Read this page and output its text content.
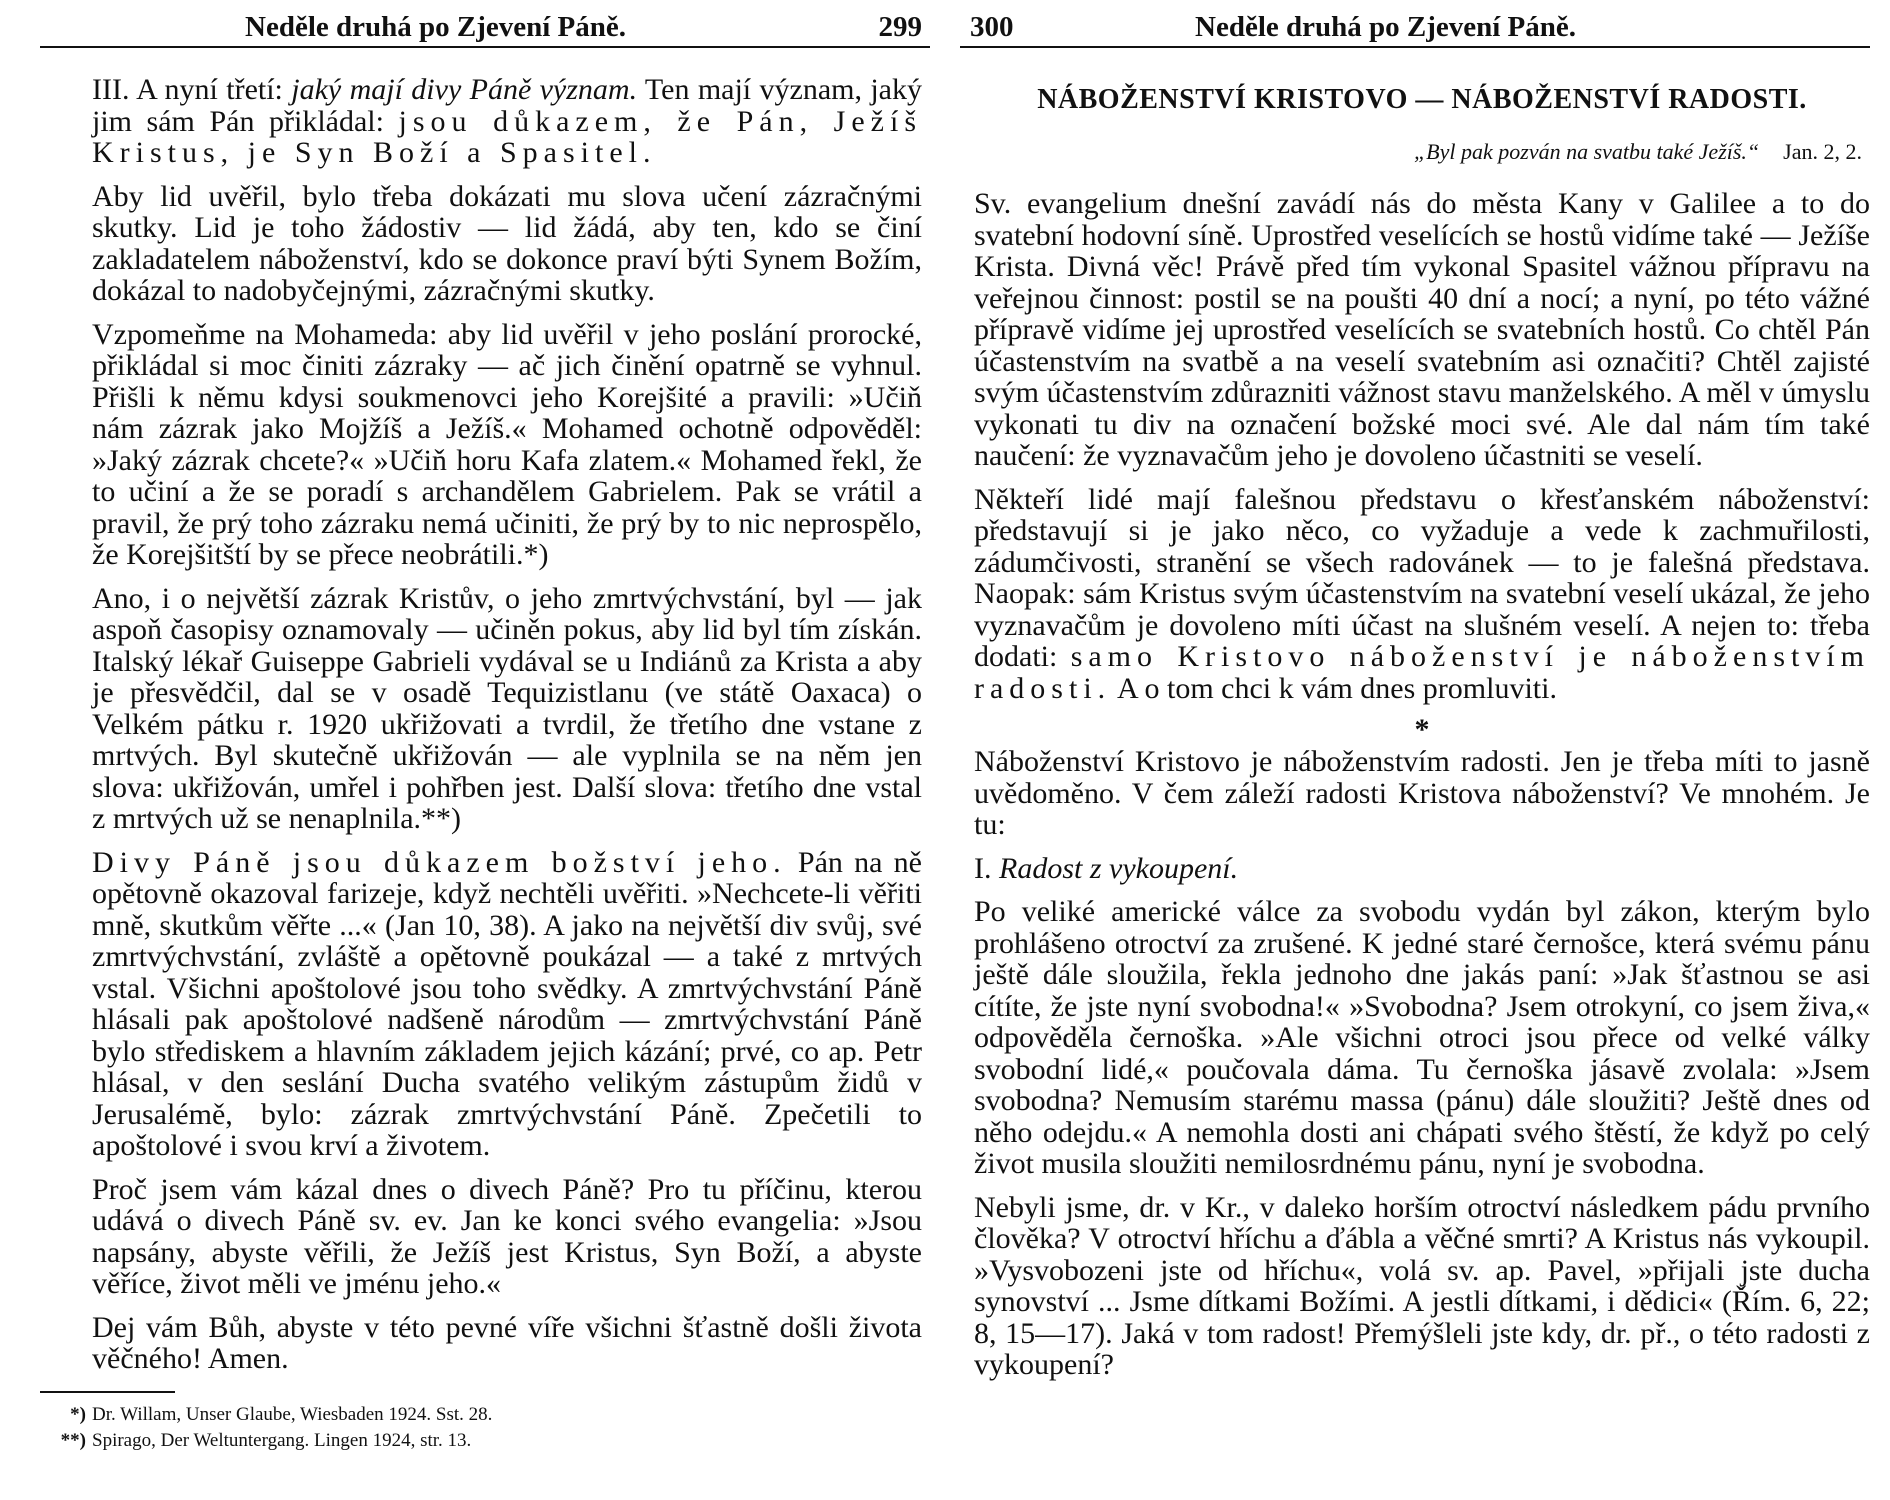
Neděle druhá po Zjevení Páně.	299

III. A nyní třetí: jaký mají divy Páně význam. Ten mají význam, jaký jim sám Pán přikládal: jsou důkazem, že Pán, Ježíš Kristus, je Syn Boží a Spasitel.

Aby lid uvěřil, bylo třeba dokázati mu slova učení zázračnými skutky. Lid je toho žádostiv — lid žádá, aby ten, kdo se činí zakladatelem náboženství, kdo se dokonce praví býti Synem Božím, dokázal to nadobyčejnými, zázračnými skutky.

Vzpomeňme na Mohameda: aby lid uvěřil v jeho poslání prorocké, přikládal si moc činiti zázraky — ač jich činění opatrně se vyhnul. Přišli k němu kdysi soukmenovci jeho Korejšité a pravili: »Učiň nám zázrak jako Mojžíš a Ježíš.« Mohamed ochotně odpověděl: »Jaký zázrak chcete?« »Učiň horu Kafa zlatem.« Mohamed řekl, že to učiní a že se poradí s archandělem Gabrielem. Pak se vrátil a pravil, že prý toho zázraku nemá učiniti, že prý by to nic neprospělo, že Korejšitští by se přece neobrátili.*)

Ano, i o největší zázrak Kristův, o jeho zmrtvýchvstání, byl — jak aspoň časopisy oznamovaly — učiněn pokus, aby lid byl tím získán. Italský lékař Guiseppe Gabrieli vydával se u Indiánů za Krista a aby je přesvědčil, dal se v osadě Tequizistlanu (ve státě Oaxaca) o Velkém pátku r. 1920 ukřižovati a tvrdil, že třetího dne vstane z mrtvých. Byl skutečně ukřižován — ale vyplnila se na něm jen slova: ukřižován, umřel i pohřben jest. Další slova: třetího dne vstal z mrtvých už se nenaplnila.**)

Divy Páně jsou důkazem božství jeho. Pán na ně opětovně okazoval farizeje, když nechtěli uvěřiti. »Nechcete-li věřiti mně, skutkům věřte ...« (Jan 10, 38). A jako na největší div svůj, své zmrtvýchvstání, zvláště a opětovně poukázal — a také z mrtvých vstal. Všichni apoštolové jsou toho svědky. A zmrtvýchvstání Páně hlásali pak apoštolové nadšeně národům — zmrtvýchvstání Páně bylo střediskem a hlavním základem jejich kázání; prvé, co ap. Petr hlásal, v den seslání Ducha svatého velikým zástupům židů v Jerusalémě, bylo: zázrak zmrtvýchvstání Páně. Zpečetili to apoštolové i svou krví a životem.

Proč jsem vám kázal dnes o divech Páně? Pro tu příčinu, kterou udává o divech Páně sv. ev. Jan ke konci svého evangelia: »Jsou napsány, abyste věřili, že Ježíš jest Kristus, Syn Boží, a abyste věříce, život měli ve jménu jeho.«

Dej vám Bůh, abyste v této pevné víře všichni šťastně došli života věčného! Amen.

*) Dr. Willam, Unser Glaube, Wiesbaden 1924. Sst. 28.
**) Spirago, Der Weltuntergang. Lingen 1924, str. 13.
300	Neděle druhá po Zjevení Páně.
NÁBOŽENSTVÍ KRISTOVO — NÁBOŽENSTVÍ RADOSTI.
„Byl pak pozván na svatbu také Ježíš.“ Jan. 2, 2.

Sv. evangelium dnešní zavádí nás do města Kany v Galilee a to do svatební hodovní síně. Uprostřed veselících se hostů vidíme také — Ježíše Krista. Divná věc! Právě před tím vykonal Spasitel vážnou přípravu na veřejnou činnost: postil se na poušti 40 dní a nocí; a nyní, po této vážné přípravě vidíme jej uprostřed veselících se svatebních hostů. Co chtěl Pán účastenstvím na svatbě a na veselí svatebním asi označiti? Chtěl zajisté svým účastenstvím zdůrazniti vážnost stavu manželského. A měl v úmyslu vykonati tu div na označení božské moci své. Ale dal nám tím také naučení: že vyznavačům jeho je dovoleno účastniti se veselí.

Někteří lidé mají falešnou představu o křesťanském náboženství: představují si je jako něco, co vyžaduje a vede k zachmuřilosti, zádumčivosti, stranění se všech radovánek — to je falešná představa. Naopak: sám Kristus svým účastenstvím na svatební veselí ukázal, že jeho vyznavačům je dovoleno míti účast na slušném veselí. A nejen to: třeba dodati: samo Kristovo náboženství je náboženstvím radosti. A o tom chci k vám dnes promluviti.

*

Náboženství Kristovo je náboženstvím radosti. Jen je třeba míti to jasně uvědoměno. V čem záleží radosti Kristova náboženství? Ve mnohém. Je tu:

I. Radost z vykoupení.

Po veliké americké válce za svobodu vydán byl zákon, kterým bylo prohlášeno otroctví za zrušené. K jedné staré černošce, která svému pánu ještě dále sloužila, řekla jednoho dne jakás paní: »Jak šťastnou se asi cítíte, že jste nyní svobodna!« »Svobodna? Jsem otrokyní, co jsem živa,« odpověděla černoška. »Ale všichni otroci jsou přece od velké války svobodní lidé,« poučovala dáma. Tu černoška jásavě zvolala: »Jsem svobodna? Nemusím starému massa (pánu) dále sloužiti? Ještě dnes od něho odejdu.« A nemohla dosti ani chápati svého štěstí, že když po celý život musila sloužiti nemilosrdnému pánu, nyní je svobodna.

Nebyli jsme, dr. v Kr., v daleko horším otroctví následkem pádu prvního člověka? V otroctví hříchu a ďábla a věčné smrti? A Kristus nás vykoupil. »Vysvobozeni jste od hříchu«, volá sv. ap. Pavel, »přijali jste ducha synovství ... Jsme dítkami Božími. A jestli dítkami, i dědici« (Řím. 6, 22; 8, 15—17). Jaká v tom radost! Přemýšleli jste kdy, dr. př., o této radosti z vykoupení?
